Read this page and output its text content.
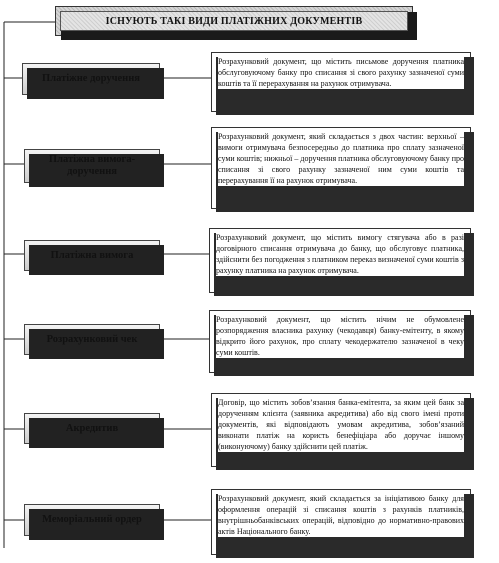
ІСНУЮТЬ ТАКІ ВИДИ ПЛАТІЖНИХ ДОКУМЕНТІВ
Платіжне доручення
Розрахунковий документ, що містить письмове доручення платника обслуговуючому банку про списання зі свого рахунку зазначеної суми коштів та її перерахування на рахунок отримувача.
Платіжна вимога-доручення
Розрахунковий документ, який складається з двох частин: верхньої – вимоги отримувача безпосередньо до платника про сплату зазначеної суми коштів; нижньої – доручення платника обслуговуючому банку про списання зі свого рахунку зазначеної ним суми коштів та перерахування її на рахунок отримувача.
Платіжна вимога
Розрахунковий документ, що містить вимогу стягувача або в разі договірного списання отримувача до банку, що обслуговує платника, здійснити без погодження з платником переказ визначеної суми коштів з рахунку платника на рахунок отримувача.
Розрахунковий чек
Розрахунковий документ, що містить нічим не обумовлене розпорядження власника рахунку (чекодавця) банку-емітенту, в якому відкрито його рахунок, про сплату чекодержателю зазначеної в чеку суми коштів.
Акредитив
Договір, що містить зобов’язання банка-емітента, за яким цей банк за дорученням клієнта (заявника акредитива) або від свого імені проти документів, які відповідають умовам акредитива, зобов’язаний виконати платіж на користь бенефіціара або доручає іншому (виконуючому) банку здійснити цей платіж.
Меморіальний ордер
Розрахунковий документ, який складається за ініціативою банку для оформлення операцій зі списання коштів з рахунків платників, внутрішньобанківських операцій, відповідно до нормативно-правових актів Національного банку.
